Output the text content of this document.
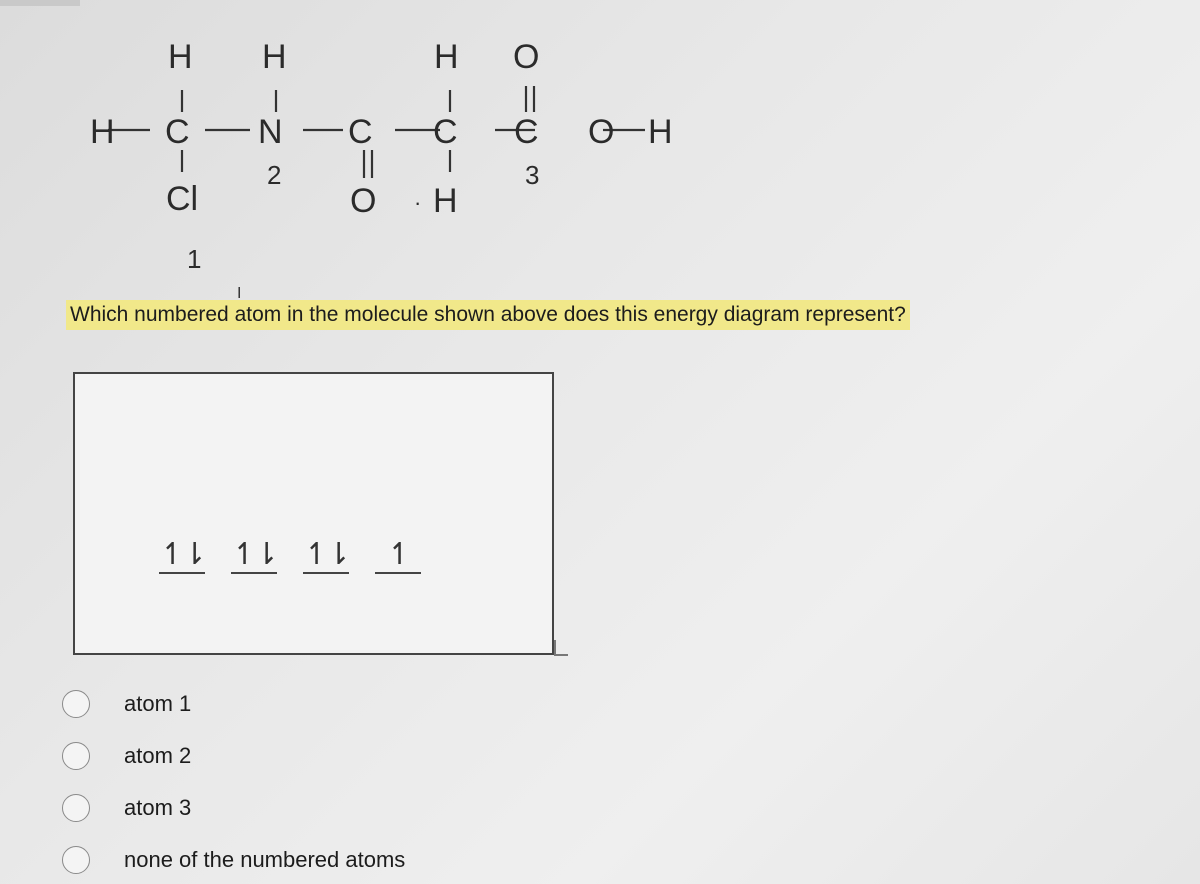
H H	H O
H C N C C C O H
Cl	O H
·
1
2	3
Which numbered atom in the molecule shown above does this energy diagram represent?
I
↿⇂ ↿⇂ ↿⇂	↿
atom 1
atom 2
atom 3
none of the numbered atoms
